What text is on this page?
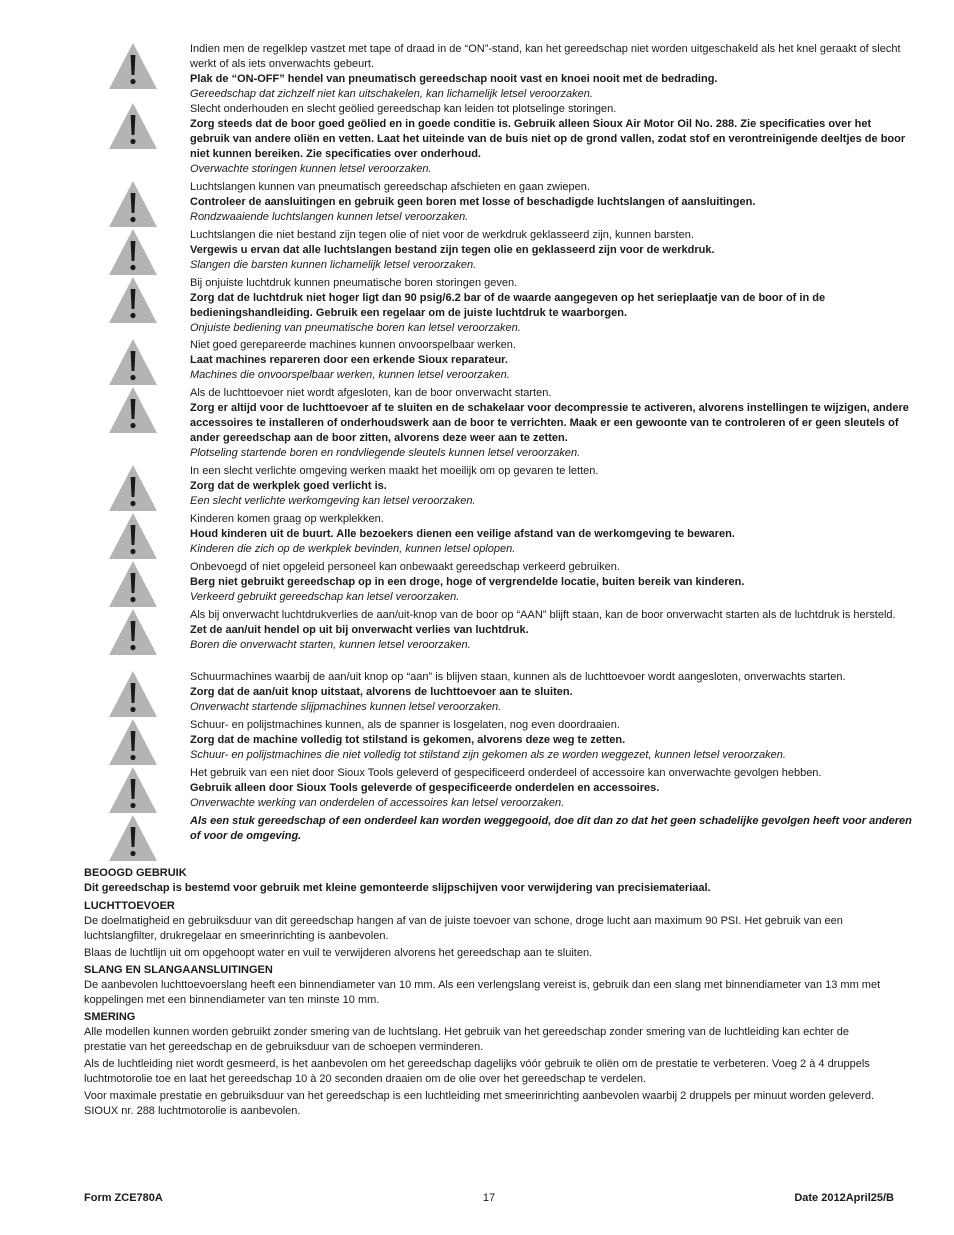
Indien men de regelklep vastzet met tape of draad in de “ON”-stand, kan het gereedschap niet worden uitgeschakeld als het knel geraakt of slecht werkt of als iets onverwachts gebeurt.

Plak de “ON-OFF” hendel van pneumatisch gereedschap nooit vast en knoei nooit met de bedrading.

Gereedschap dat zichzelf niet kan uitschakelen, kan lichamelijk letsel veroorzaken.

Slecht onderhouden en slecht geölied gereedschap kan leiden tot plotselinge storingen.

Zorg steeds dat de boor goed geölied en in goede conditie is. Gebruik alleen Sioux Air Motor Oil No. 288. Zie specificaties over het gebruik van andere oliën en vetten. Laat het uiteinde van de buis niet op de grond vallen, zodat stof en verontreinigende deeltjes de boor niet kunnen bereiken. Zie specificaties over onderhoud.

Overwachte storingen kunnen letsel veroorzaken.

Luchtslangen kunnen van pneumatisch gereedschap afschieten en gaan zwiepen.

Controleer de aansluitingen en gebruik geen boren met losse of beschadigde luchtslangen of aansluitingen.

Rondzwaaiende luchtslangen kunnen letsel veroorzaken.

Luchtslangen die niet bestand zijn tegen olie of niet voor de werkdruk geklasseerd zijn, kunnen barsten.

Vergewis u ervan dat alle luchtslangen bestand zijn tegen olie en geklasseerd zijn voor de werkdruk.

Slangen die barsten kunnen lichamelijk letsel veroorzaken.

Bij onjuiste luchtdruk kunnen pneumatische boren storingen geven.

Zorg dat de luchtdruk niet hoger ligt dan 90 psig/6.2 bar of de waarde aangegeven op het serieplaatje van de boor of in de bedieningshandleiding. Gebruik een regelaar om de juiste luchtdruk te waarborgen.

Onjuiste bediening van pneumatische boren kan letsel veroorzaken.

Niet goed gerepareerde machines kunnen onvoorspelbaar werken.

Laat machines repareren door een erkende Sioux reparateur.

Machines die onvoorspelbaar werken, kunnen letsel veroorzaken.

Als de luchttoevoer niet wordt afgesloten, kan de boor onverwacht starten.

Zorg er altijd voor de luchttoevoer af te sluiten en de schakelaar voor decompressie te activeren, alvorens instellingen te wijzigen, andere accessoires te installeren of onderhoudswerk aan de boor te verrichten. Maak er een gewoonte van te controleren of er geen sleutels of ander gereedschap aan de boor zitten, alvorens deze weer aan te zetten.

Plotseling startende boren en rondvliegende sleutels kunnen letsel veroorzaken.

In een slecht verlichte omgeving werken maakt het moeilijk om op gevaren te letten.

Zorg dat de werkplek goed verlicht is.

Een slecht verlichte werkomgeving kan letsel veroorzaken.

Kinderen komen graag op werkplekken.

Houd kinderen uit de buurt. Alle bezoekers dienen een veilige afstand van de werkomgeving te bewaren.

Kinderen die zich op de werkplek bevinden, kunnen letsel oplopen.

Onbevoegd of niet opgeleid personeel kan onbewaakt gereedschap verkeerd gebruiken.

Berg niet gebruikt gereedschap op in een droge, hoge of vergrendelde locatie, buiten bereik van kinderen.

Verkeerd gebruikt gereedschap kan letsel veroorzaken.

Als bij onverwacht luchtdrukverlies de aan/uit-knop van de boor op “AAN” blijft staan, kan de boor onverwacht starten als de luchtdruk is hersteld.

Zet de aan/uit hendel op uit bij onverwacht verlies van luchtdruk.

Boren die onverwacht starten, kunnen letsel veroorzaken.

Schuurmachines waarbij de aan/uit knop op “aan” is blijven staan, kunnen als de luchttoevoer wordt aangesloten, onverwachts starten.

Zorg dat de aan/uit knop uitstaat, alvorens de luchttoevoer aan te sluiten.

Onverwacht startende slijpmachines kunnen letsel veroorzaken.

Schuur- en polijstmachines kunnen, als de spanner is losgelaten, nog even doordraaien.

Zorg dat de machine volledig tot stilstand is gekomen, alvorens deze weg te zetten.

Schuur- en polijstmachines die niet volledig tot stilstand zijn gekomen als ze worden weggezet, kunnen letsel veroorzaken.

Het gebruik van een niet door Sioux Tools geleverd of gespecificeerd onderdeel of accessoire kan onverwachte gevolgen hebben.

Gebruik alleen door Sioux Tools geleverde of gespecificeerde onderdelen en accessoires.

Onverwachte werking van onderdelen of accessoires kan letsel veroorzaken.

Als een stuk gereedschap of een onderdeel kan worden weggegooid, doe dit dan zo dat het geen schadelijke gevolgen heeft voor anderen of voor de omgeving.

BEOOGD GEBRUIK

Dit gereedschap is bestemd voor gebruik met kleine gemonteerde slijpschijven voor verwijdering van precisiemateriaal.

LUCHTTOEVOER

De doelmatigheid en gebruiksduur van dit gereedschap hangen af van de juiste toevoer van schone, droge lucht aan maximum 90 PSI. Het gebruik van een luchtslangfilter, drukregelaar en smeerinrichting is aanbevolen.

Blaas de luchtlijn uit om opgehoopt water en vuil te verwijderen alvorens het gereedschap aan te sluiten.

SLANG EN SLANGAANSLUITINGEN

De aanbevolen luchttoevoerslang heeft een binnendiameter van 10 mm. Als een verlengslang vereist is, gebruik dan een slang met binnendiameter van 13 mm met koppelingen met een binnendiameter van ten minste 10 mm.

SMERING

Alle modellen kunnen worden gebruikt zonder smering van de luchtslang. Het gebruik van het gereedschap zonder smering van de luchtleiding kan echter de prestatie van het gereedschap en de gebruiksduur van de schoepen verminderen.

Als de luchtleiding niet wordt gesmeerd, is het aanbevolen om het gereedschap dagelijks vóór gebruik te oliën om de prestatie te verbeteren. Voeg 2 à 4 druppels luchtmotorolie toe en laat het gereedschap 10 à 20 seconden draaien om de olie over het gereedschap te verdelen.

Voor maximale prestatie en gebruiksduur van het gereedschap is een luchtleiding met smeerinrichting aanbevolen waarbij 2 druppels per minuut worden geleverd. SIOUX nr. 288 luchtmotorolie is aanbevolen.

Form ZCE780A	17	Date 2012April25/B
